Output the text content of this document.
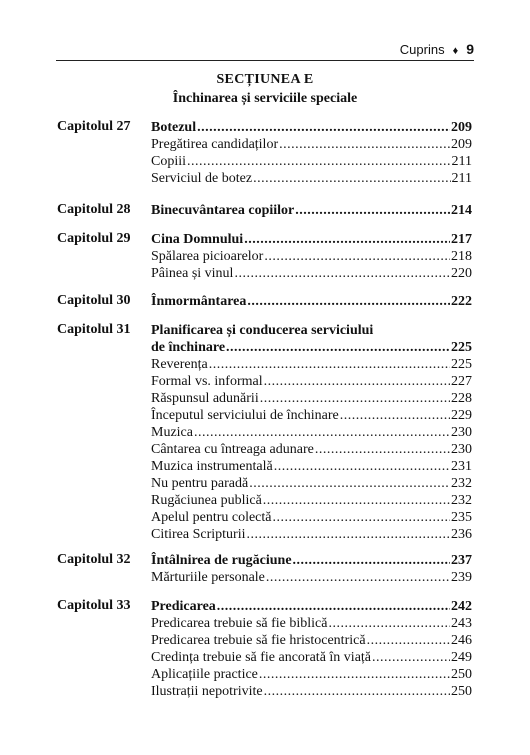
Cuprins ♦ 9
SECȚIUNEA E
Închinarea și serviciile speciale
Capitolul 27 Botezul .....	209
Pregătirea candidaților .....	209
Copiii .....	211
Serviciul de botez .....	211
Capitolul 28 Binecuvântarea copiilor .....	214
Capitolul 29 Cina Domnului .....	217
Spălarea picioarelor .....	218
Pâinea și vinul .....	220
Capitolul 30 Înmormântarea .....	222
Capitolul 31 Planificarea și conducerea serviciului
de închinare .....	225
Reverența .....	225
Formal vs. informal .....	227
Răspunsul adunării .....	228
Începutul serviciului de închinare .....	229
Muzica .....	230
Cântarea cu întreaga adunare .....	230
Muzica instrumentală .....	231
Nu pentru paradă .....	232
Rugăciunea publică .....	232
Apelul pentru colectă .....	235
Citirea Scripturii .....	236
Capitolul 32 Întâlnirea de rugăciune .....	237
Mărturiile personale .....	239
Capitolul 33 Predicarea .....	242
Predicarea trebuie să fie biblică .....	243
Predicarea trebuie să fie hristocentrică .....	246
Credința trebuie să fie ancorată în viață .....	249
Aplicațiile practice .....	250
Ilustrații nepotrivite .....	250
